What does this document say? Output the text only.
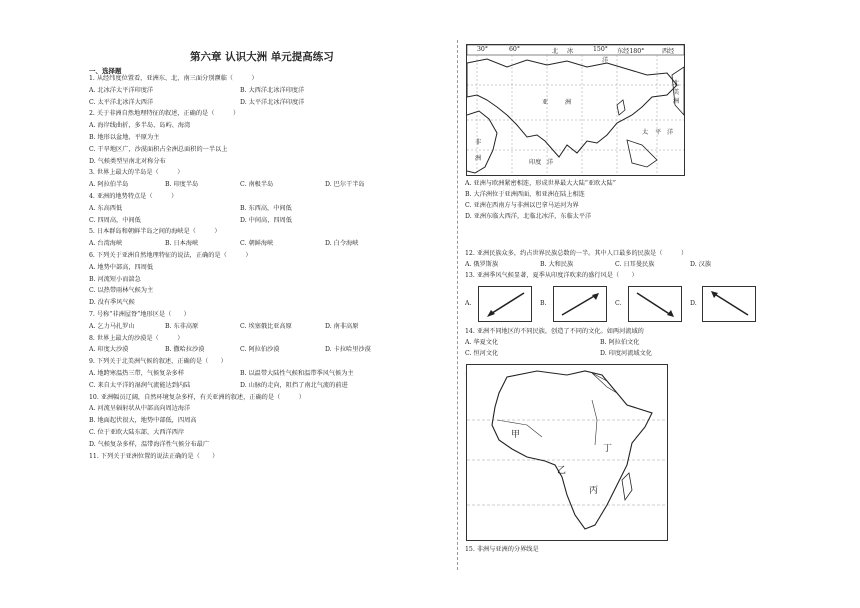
第六章 认识大洲 单元提高练习
一、选择题
1. 从经纬度位置看，亚洲东、北、南三面分别濒临（　　　）
A. 北冰洋太平洋印度洋	B. 大西洋北冰洋印度洋
C. 太平洋北冰洋大西洋	D. 太平洋北冰洋印度洋
2. 关于非洲自然地理特征的叙述，正确的是（　　　）
A. 海岸线曲折，多半岛、岛屿、海湾
B. 地形以盆地、平原为主
C. 干旱地区广，沙漠面积占全洲总面积的一半以上
D. 气候类型呈南北对称分布
3. 世界上最大的半岛是（　　　）
A. 阿拉伯半岛	B. 印度半岛	C. 南极半岛	D. 巴尔干半岛
4. 亚洲的地势特点是（　　　）
A. 东高西低	B. 东西高，中间低
C. 四周高，中间低	D. 中间高，四周低
5. 日本群岛和朝鲜半岛之间的海峡是（　　　）
A. 台湾海峡	B. 日本海峡	C. 朝鲜海峡	D. 白令海峡
6. 下列关于亚洲自然地理特征的说法，正确的是（　　　）
A. 地势中部高，四周低
B. 河流短小而湍急
C. 以热带雨林气候为主
D. 没有季风气候
7. 号称“非洲屋脊”地形区是（　　）
A. 乞力马扎罗山	B. 东非高原	C. 埃塞俄比亚高原	D. 南非高原
8. 世界上最大的沙漠是（　　　）
A. 印度大沙漠	B. 撒哈拉沙漠	C. 阿拉伯沙漠	D. 卡拉哈里沙漠
9. 下列关于北美洲气候的叙述，正确的是（　　）
A. 地跨寒温热三带，气候复杂多样	B. 以温带大陆性气候和温带季风气候为主
C. 来自太平洋的湿润气流能达到内陆	D. 山脉的走向，阻挡了南北气流的前进
10. 亚洲幅员辽阔，自然环境复杂多样，有关亚洲的叙述，正确的是（　　　）
A. 河流呈辐射状从中部高向周边海洋
B. 地面起伏很大，地势中部低，四周高
C. 位于亚欧大陆东部，大西洋西岸
D. 气候复杂多样，温带海洋性气候分布最广
11. 下列关于亚洲位置的说法正确的是（　　）
30°	60°	北 冰
洋
150° 东经180°	西经
亚	洲
非
洲
印度 洋
太 平 洋
北
美
洲
A. 亚洲与欧洲紧密相连，形成世界最大大陆“亚欧大陆”
B. 大洋洲位于亚洲西面，和亚洲在陆上相连
C. 亚洲在西南方与非洲以巴拿马运河为界
D. 亚洲东临大西洋，北临北冰洋，东临太平洋
12. 亚洲民族众多，约占世界民族总数的一半。其中人口最多的民族是（　　　）
A. 俄罗斯族	B. 大和民族	C. 日耳曼民族	D. 汉族
13. 亚洲季风气候显著，夏季从印度洋吹来的盛行风是（　　）
A.	B.	C.	D.
14. 亚洲不同地区的不同民族，创造了不同的文化。如两河流域的
A. 华夏文化	B. 阿拉伯文化
C. 恒河文化	D. 印度河流域文化
丁
甲
乙
丙
15. 非洲与亚洲的分界线是
